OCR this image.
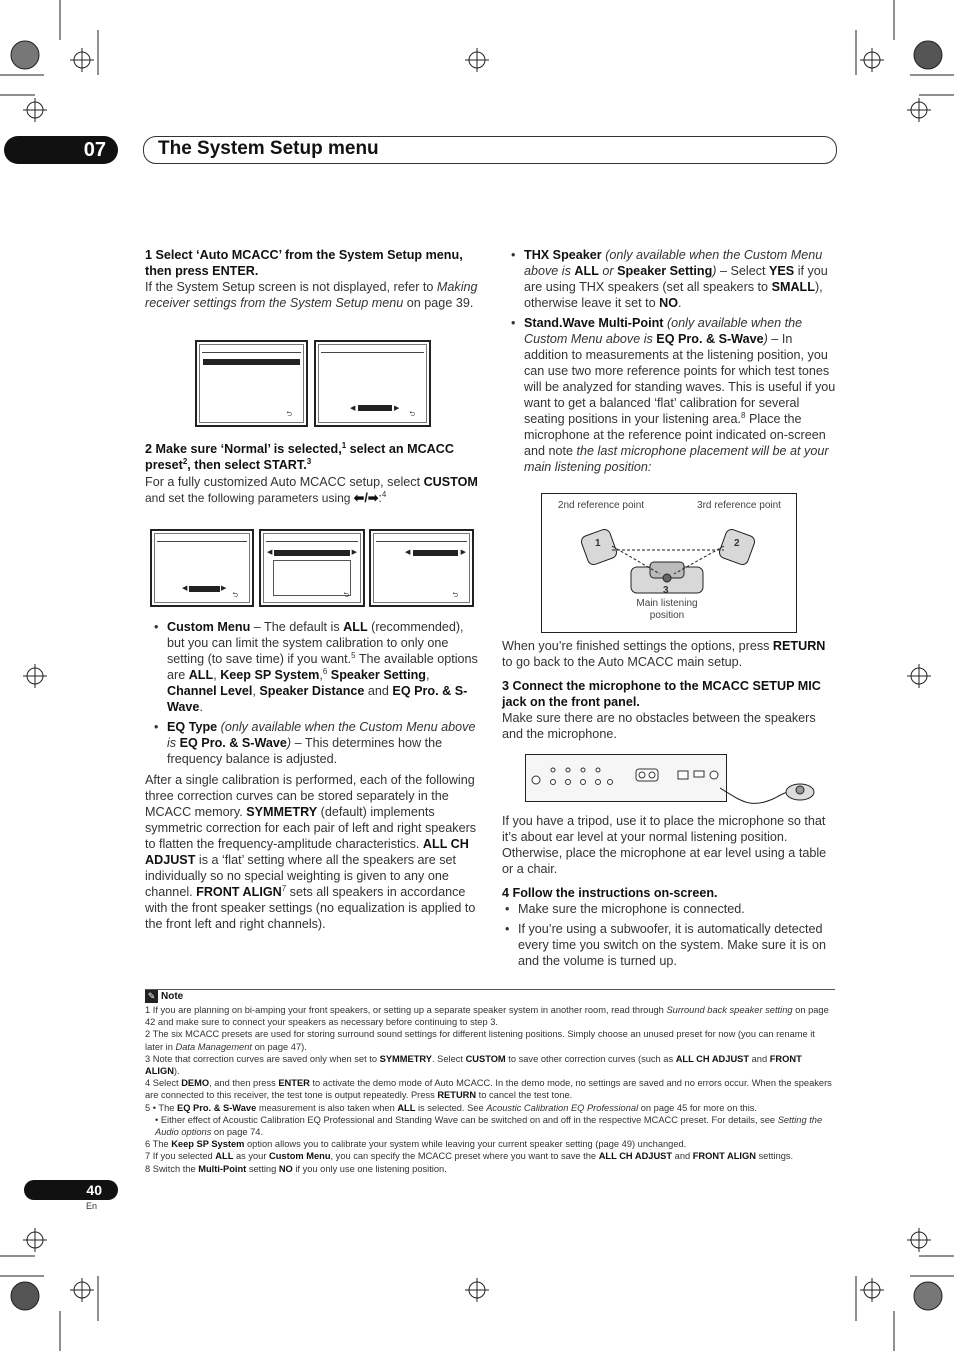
07	The System Setup menu

1 Select ‘Auto MCACC’ from the System Setup menu, then press ENTER.

If the System Setup screen is not displayed, refer to Making receiver settings from the System Setup menu on page 39.

⮌
◀	▶
⮌

2 Make sure ‘Normal’ is selected,$^1$ select an MCACC preset$^2$, then select START.$^3$

For a fully customized Auto MCACC setup, select CUSTOM and set the following parameters using ⬅/➡:$^4$

◀	▶
⮌
◀	▶
⮌
◀	▶
⮌
• Custom Menu – The default is ALL (recommended), but you can limit the system calibration to only one setting (to save time) if you want.$^5$ The available options are ALL, Keep SP System,$^6$ Speaker Setting, Channel Level, Speaker Distance and EQ Pro. & S-Wave.
• EQ Type (only available when the Custom Menu above is EQ Pro. & S-Wave) – This determines how the frequency balance is adjusted.

After a single calibration is performed, each of the following three correction curves can be stored separately in the MCACC memory. SYMMETRY (default) implements symmetric correction for each pair of left and right speakers to flatten the frequency-amplitude characteristics. ALL CH ADJUST is a ‘flat’ setting where all the speakers are set individually so no special weighting is given to any one channel. FRONT ALIGN$^7$ sets all speakers in accordance with the front speaker settings (no equalization is applied to the front left and right channels).

• THX Speaker (only available when the Custom Menu above is ALL or Speaker Setting) – Select YES if you are using THX speakers (set all speakers to SMALL), otherwise leave it set to NO.
• Stand.Wave Multi-Point (only available when the Custom Menu above is EQ Pro. & S-Wave) – In addition to measurements at the listening position, you can use two more reference points for which test tones will be analyzed for standing waves. This is useful if you want to get a balanced ‘flat’ calibration for several seating positions in your listening area.$^8$ Place the microphone at the reference point indicated on-screen and note the last microphone placement will be at your main listening position:
2nd reference point	3rd reference point
1	2
3
Main listening position

When you’re finished settings the options, press RETURN to go back to the Auto MCACC main setup.

3 Connect the microphone to the MCACC SETUP MIC jack on the front panel.

Make sure there are no obstacles between the speakers and the microphone.

If you have a tripod, use it to place the microphone so that it’s about ear level at your normal listening position. Otherwise, place the microphone at ear level using a table or a chair.

4 Follow the instructions on-screen.

• Make sure the microphone is connected.
• If you’re using a subwoofer, it is automatically detected every time you switch on the system. Make sure it is on and the volume is turned up.
✎ Note

1 If you are planning on bi-amping your front speakers, or setting up a separate speaker system in another room, read through Surround back speaker setting on page 42 and make sure to connect your speakers as necessary before continuing to step 3.

2 The six MCACC presets are used for storing surround sound settings for different listening positions. Simply choose an unused preset for now (you can rename it later in Data Management on page 47).

3 Note that correction curves are saved only when set to SYMMETRY. Select CUSTOM to save other correction curves (such as ALL CH ADJUST and FRONT ALIGN).

4 Select DEMO, and then press ENTER to activate the demo mode of Auto MCACC. In the demo mode, no settings are saved and no errors occur. When the speakers are connected to this receiver, the test tone is output repeatedly. Press RETURN to cancel the test tone.

5 • The EQ Pro. & S-Wave measurement is also taken when ALL is selected. See Acoustic Calibration EQ Professional on page 45 for more on this.

• Either effect of Acoustic Calibration EQ Professional and Standing Wave can be switched on and off in the respective MCACC preset. For details, see Setting the Audio options on page 74.

6 The Keep SP System option allows you to calibrate your system while leaving your current speaker setting (page 49) unchanged.

7 If you selected ALL as your Custom Menu, you can specify the MCACC preset where you want to save the ALL CH ADJUST and FRONT ALIGN settings.

8 Switch the Multi-Point setting NO if you only use one listening position.

40
En
